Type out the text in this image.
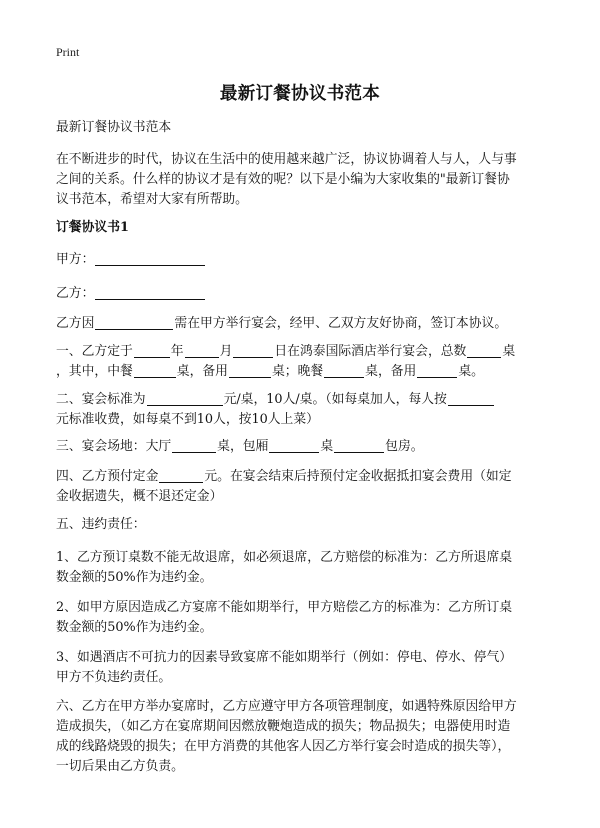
Print
最新订餐协议书范本

最新订餐协议书范本

在不断进步的时代，协议在生活中的使用越来越广泛，协议协调着人与人，人与事
之间的关系。什么样的协议才是有效的呢？以下是小编为大家收集的"最新订餐协
议书范本，希望对大家有所帮助。

订餐协议书1

甲方：
乙方：
乙方因	需在甲方举行宴会，经甲、乙双方友好协商，签订本协议。
一、乙方定于	年	月	日在鸿泰国际酒店举行宴会，总数	桌
，其中，中餐	桌，备用	桌；晚餐	桌，备用	桌。
二、宴会标准为	元/桌，10人/桌。（如每桌加人，每人按
元标准收费，如每桌不到10人，按10人上菜）
三、宴会场地：大厅	桌，包厢	桌	包房。
四、乙方预付定金	元。在宴会结束后持预付定金收据抵扣宴会费用（如定
金收据遗失，概不退还定金）

五、违约责任：

1、乙方预订桌数不能无故退席，如必须退席，乙方赔偿的标准为：乙方所退席桌
数金额的50%作为违约金。
2、如甲方原因造成乙方宴席不能如期举行，甲方赔偿乙方的标准为：乙方所订桌
数金额的50%作为违约金。
3、如遇酒店不可抗力的因素导致宴席不能如期举行（例如：停电、停水、停气）
甲方不负违约责任。
六、乙方在甲方举办宴席时，乙方应遵守甲方各项管理制度，如遇特殊原因给甲方
造成损失，（如乙方在宴席期间因燃放鞭炮造成的损失；物品损失；电器使用时造
成的线路烧毁的损失；在甲方消费的其他客人因乙方举行宴会时造成的损失等），
一切后果由乙方负责。
